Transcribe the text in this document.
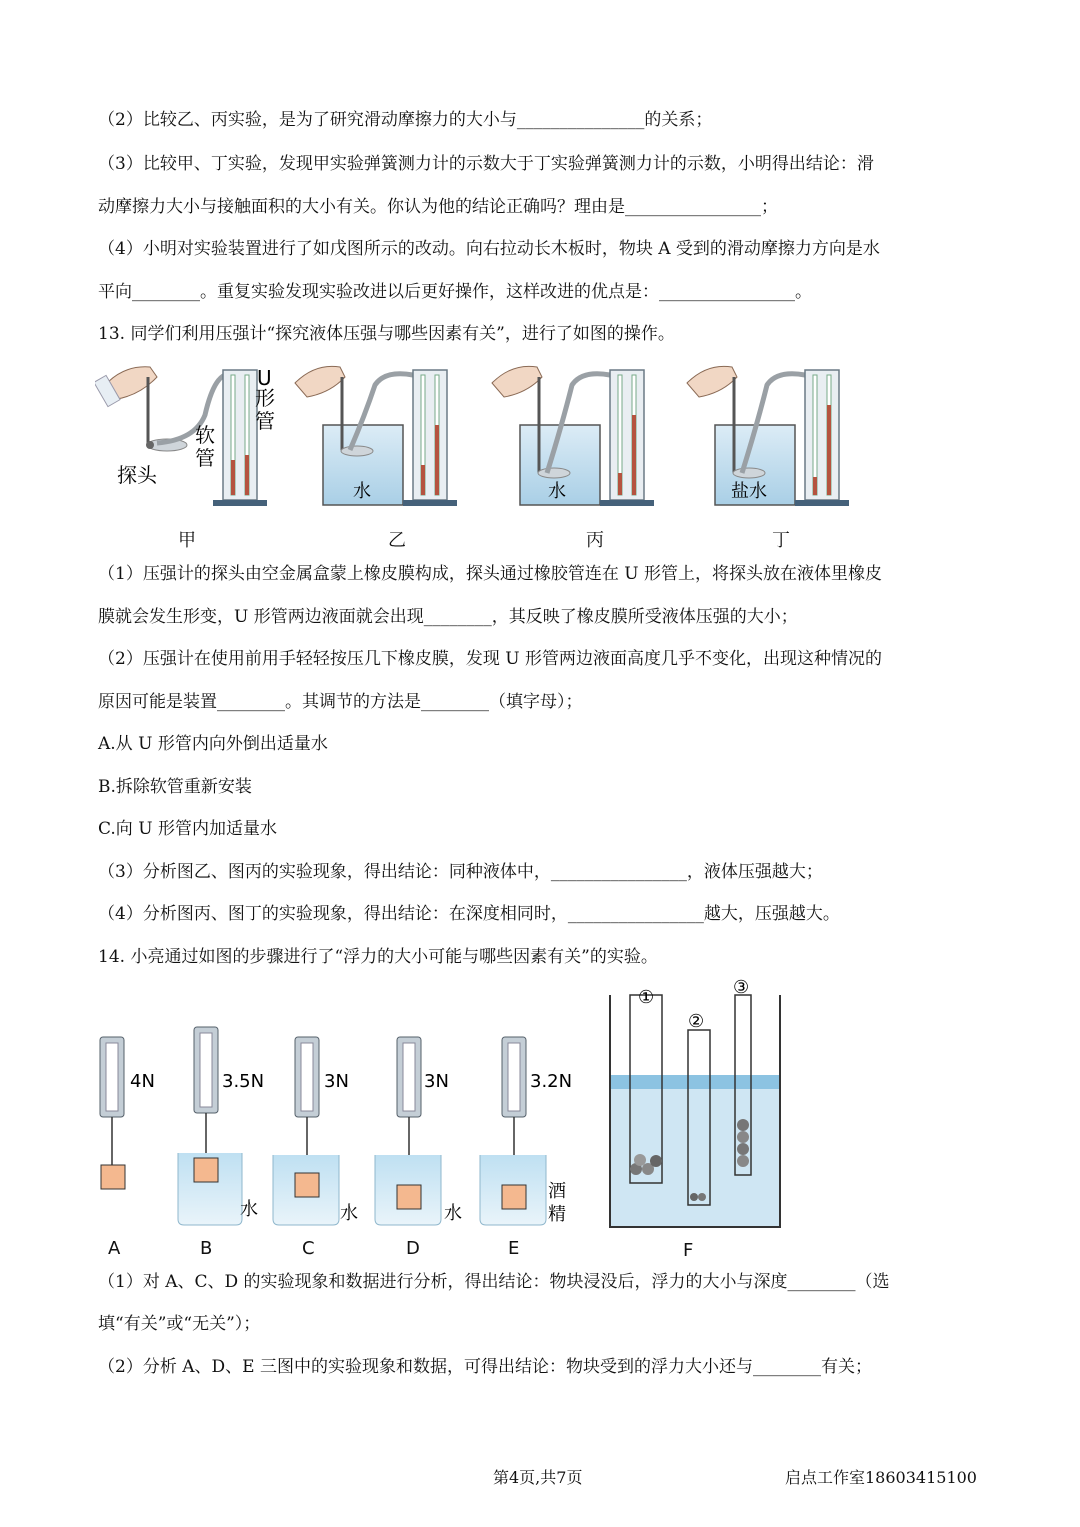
（2）比较乙、丙实验，是为了研究滑动摩擦力的大小与_______________的关系；
（3）比较甲、丁实验，发现甲实验弹簧测力计的示数大于丁实验弹簧测力计的示数，小明得出结论：滑
动摩擦力大小与接触面积的大小有关。你认为他的结论正确吗？理由是________________；
（4）小明对实验装置进行了如戊图所示的改动。向右拉动长木板时，物块 A 受到的滑动摩擦力方向是水
平向________。重复实验发现实验改进以后更好操作，这样改进的优点是：________________。
13. 同学们利用压强计“探究液体压强与哪些因素有关”，进行了如图的操作。
U
形
管
软
管
探头
水	水	盐水
甲	乙	丙	丁
（1）压强计的探头由空金属盒蒙上橡皮膜构成，探头通过橡胶管连在 U 形管上，将探头放在液体里橡皮
膜就会发生形变，U 形管两边液面就会出现________，其反映了橡皮膜所受液体压强的大小；
（2）压强计在使用前用手轻轻按压几下橡皮膜，发现 U 形管两边液面高度几乎不变化，出现这种情况的
原因可能是装置________。其调节的方法是________（填字母）；
A.从 U 形管内向外倒出适量水
B.拆除软管重新安装
C.向 U 形管内加适量水
（3）分析图乙、图丙的实验现象，得出结论：同种液体中，________________，液体压强越大；
（4）分析图丙、图丁的实验现象，得出结论：在深度相同时，________________越大，压强越大。
14. 小亮通过如图的步骤进行了“浮力的大小可能与哪些因素有关”的实验。
4N	3.5N	3N	3N	3.2N
水	水	水
酒
精
①
②
③
A	B	C	D	E	F
（1）对 A、C、D 的实验现象和数据进行分析，得出结论：物块浸没后，浮力的大小与深度________（选
填“有关”或“无关”）；
（2）分析 A、D、E 三图中的实验现象和数据，可得出结论：物块受到的浮力大小还与________有关；
第4页,共7页	启点工作室18603415100
